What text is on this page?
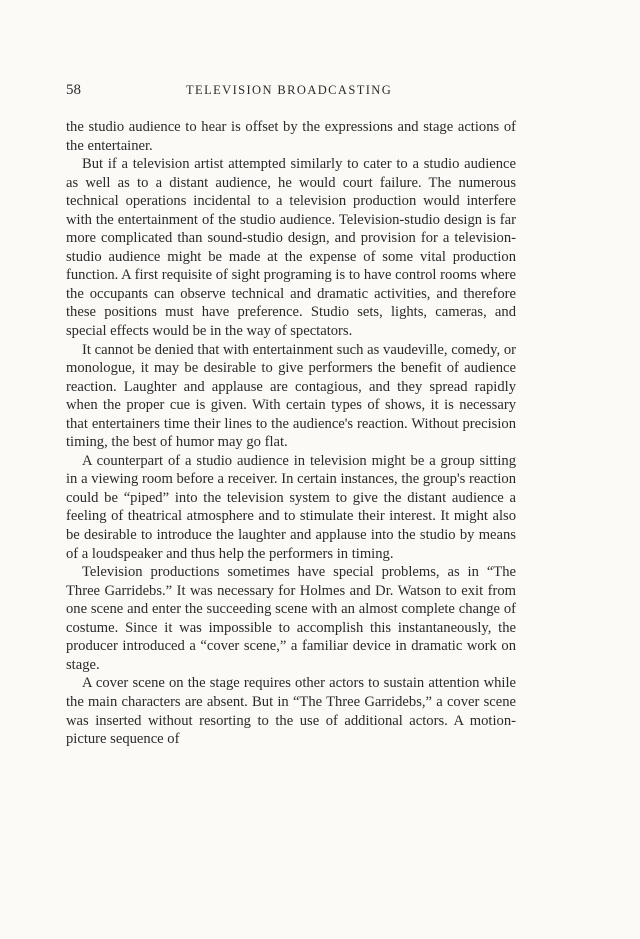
58	TELEVISION BROADCASTING

the studio audience to hear is offset by the expressions and stage actions of the entertainer.

But if a television artist attempted similarly to cater to a studio audience as well as to a distant audience, he would court failure. The numerous technical operations incidental to a television production would interfere with the entertainment of the studio audience. Television-studio design is far more complicated than sound-studio design, and provision for a television-studio audience might be made at the expense of some vital production function. A first requisite of sight programing is to have control rooms where the occupants can observe technical and dramatic activities, and therefore these positions must have preference. Studio sets, lights, cameras, and special effects would be in the way of spectators.

It cannot be denied that with entertainment such as vaudeville, comedy, or monologue, it may be desirable to give performers the benefit of audience reaction. Laughter and applause are contagious, and they spread rapidly when the proper cue is given. With certain types of shows, it is necessary that entertainers time their lines to the audience's reaction. Without precision timing, the best of humor may go flat.

A counterpart of a studio audience in television might be a group sitting in a viewing room before a receiver. In certain instances, the group's reaction could be “piped” into the television system to give the distant audience a feeling of theatrical atmosphere and to stimulate their interest. It might also be desirable to introduce the laughter and applause into the studio by means of a loudspeaker and thus help the performers in timing.

Television productions sometimes have special problems, as in “The Three Garridebs.” It was necessary for Holmes and Dr. Watson to exit from one scene and enter the succeeding scene with an almost complete change of costume. Since it was impossible to accomplish this instantaneously, the producer introduced a “cover scene,” a familiar device in dramatic work on stage.

A cover scene on the stage requires other actors to sustain attention while the main characters are absent. But in “The Three Garridebs,” a cover scene was inserted without resorting to the use of additional actors. A motion-picture sequence of
